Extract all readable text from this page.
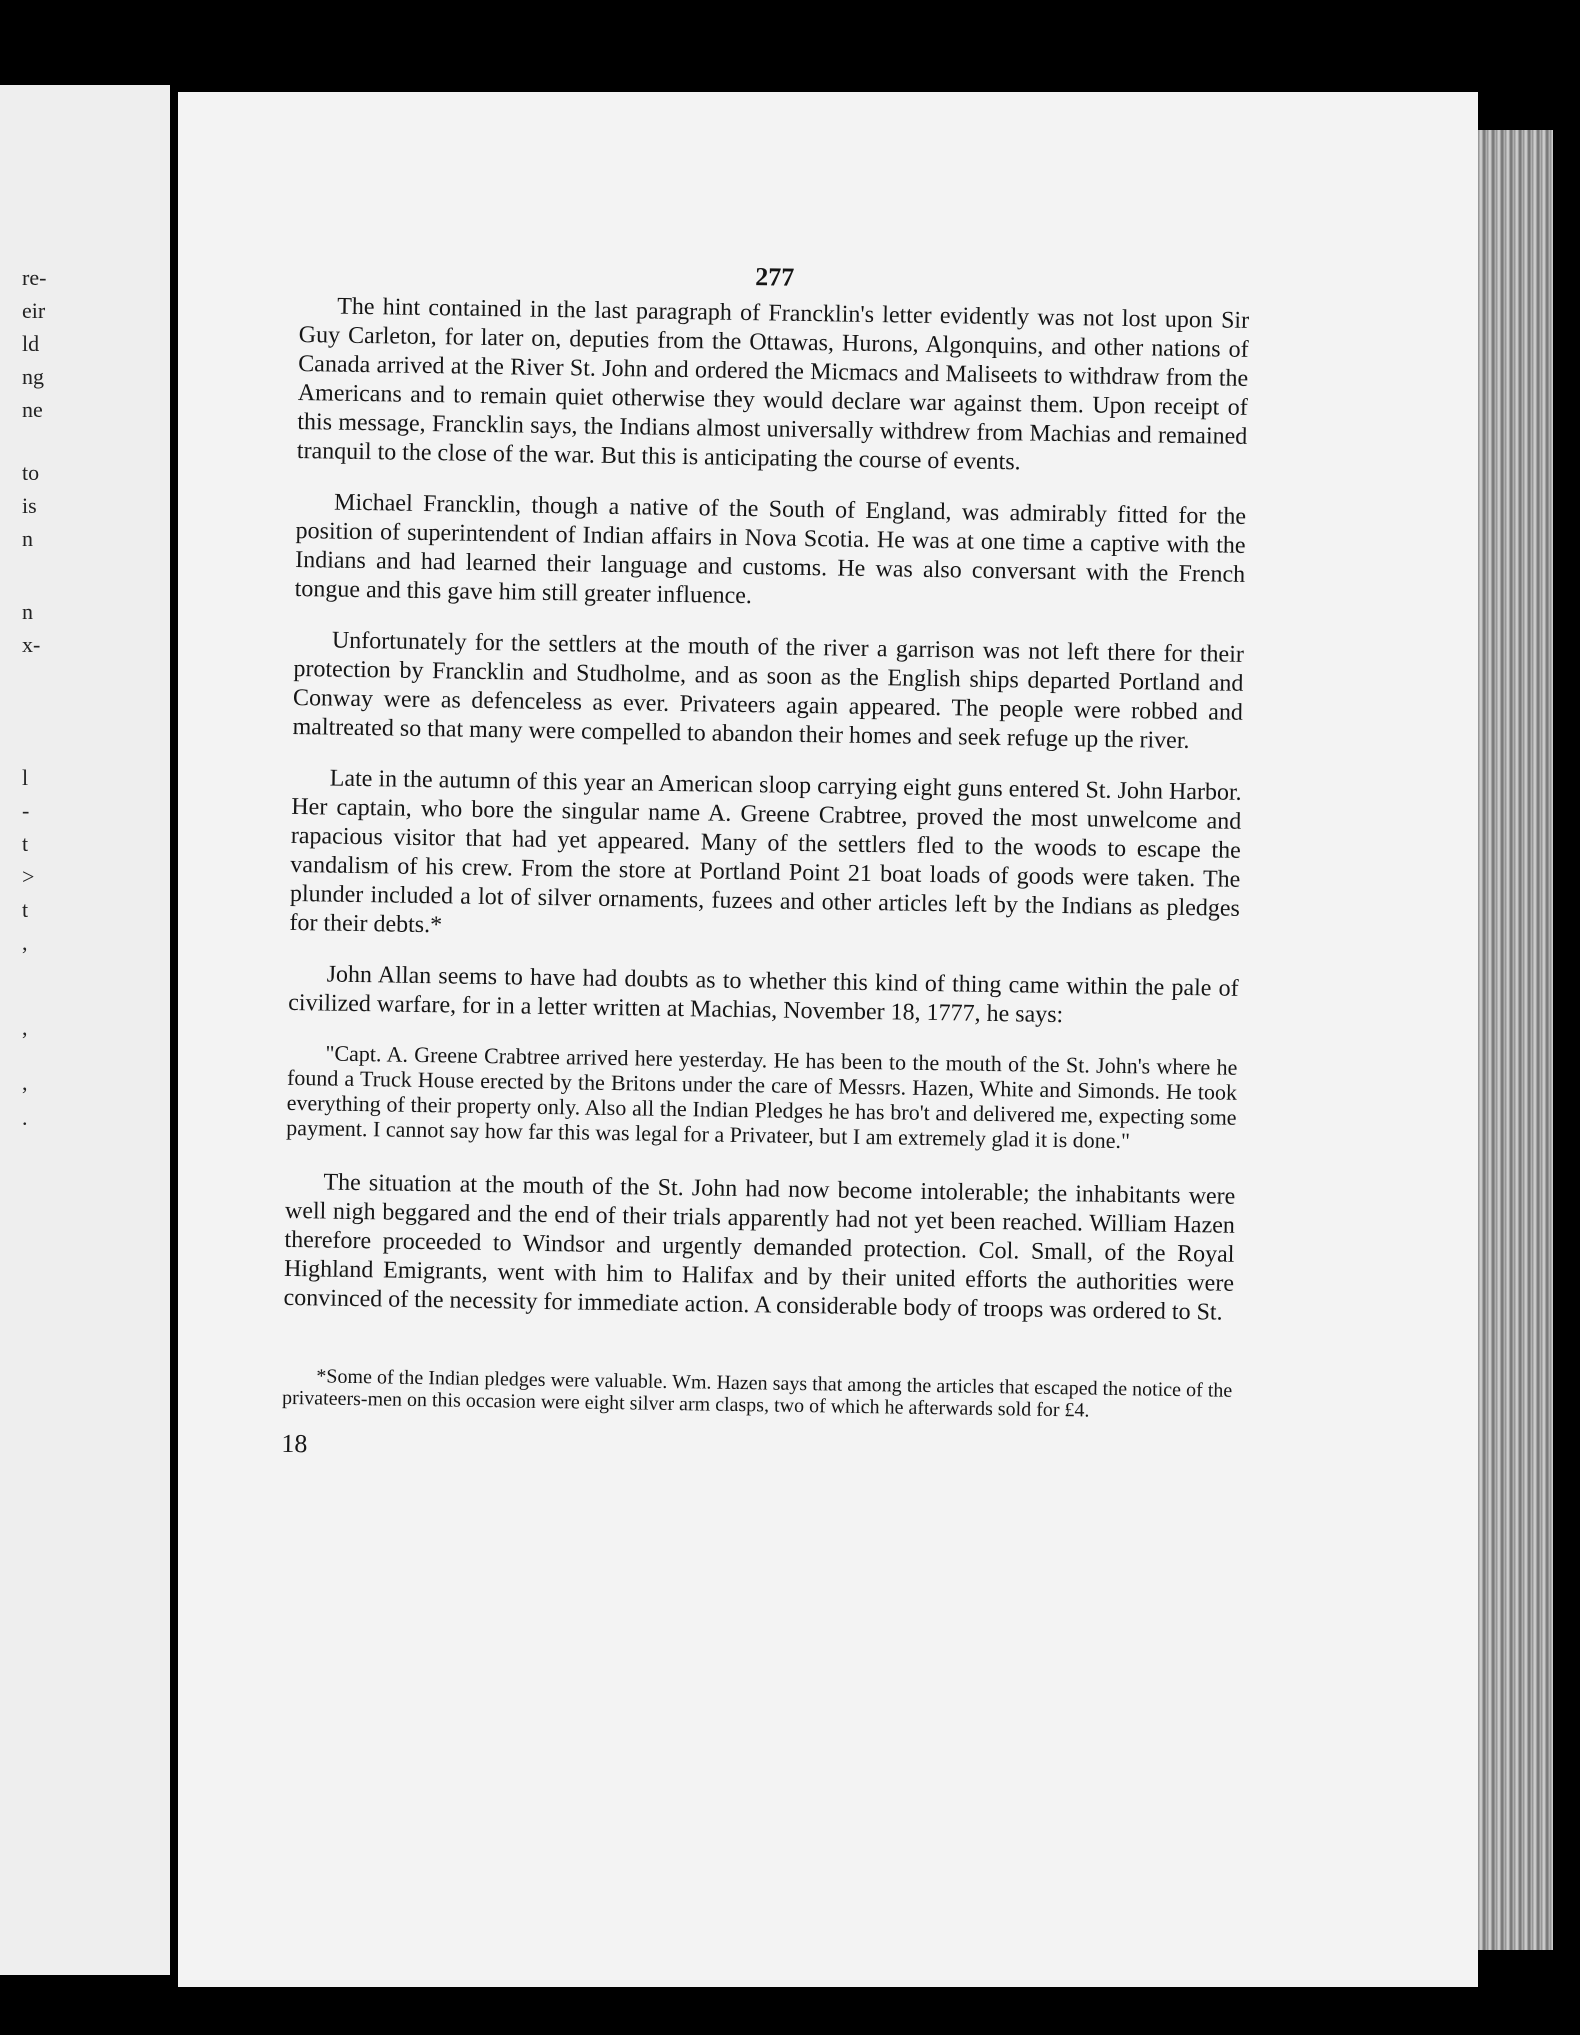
re-
eir
ld
ng
ne
to
is
n
n
x-
l
-
t
>
t
,
,
,
.
277

The hint contained in the last paragraph of Francklin's letter evidently was not lost upon Sir Guy Carleton, for later on, deputies from the Ottawas, Hurons, Algonquins, and other nations of Canada arrived at the River St. John and ordered the Micmacs and Maliseets to withdraw from the Americans and to remain quiet otherwise they would declare war against them. Upon receipt of this message, Francklin says, the Indians almost universally withdrew from Machias and remained tranquil to the close of the war. But this is anticipating the course of events.

Michael Francklin, though a native of the South of England, was admirably fitted for the position of superintendent of Indian affairs in Nova Scotia. He was at one time a captive with the Indians and had learned their language and customs. He was also conversant with the French tongue and this gave him still greater influence.

Unfortunately for the settlers at the mouth of the river a garrison was not left there for their protection by Francklin and Studholme, and as soon as the English ships departed Portland and Conway were as defenceless as ever. Privateers again appeared. The people were robbed and maltreated so that many were compelled to abandon their homes and seek refuge up the river.

Late in the autumn of this year an American sloop carrying eight guns entered St. John Harbor. Her captain, who bore the singular name A. Greene Crabtree, proved the most unwelcome and rapacious visitor that had yet appeared. Many of the settlers fled to the woods to escape the vandalism of his crew. From the store at Portland Point 21 boat loads of goods were taken. The plunder included a lot of silver ornaments, fuzees and other articles left by the Indians as pledges for their debts.*

John Allan seems to have had doubts as to whether this kind of thing came within the pale of civilized warfare, for in a letter written at Machias, November 18, 1777, he says:

"Capt. A. Greene Crabtree arrived here yesterday. He has been to the mouth of the St. John's where he found a Truck House erected by the Britons under the care of Messrs. Hazen, White and Simonds. He took everything of their property only. Also all the Indian Pledges he has bro't and delivered me, expecting some payment. I cannot say how far this was legal for a Privateer, but I am extremely glad it is done."

The situation at the mouth of the St. John had now become intolerable; the inhabitants were well nigh beggared and the end of their trials apparently had not yet been reached. William Hazen therefore proceeded to Windsor and urgently demanded protection. Col. Small, of the Royal Highland Emigrants, went with him to Halifax and by their united efforts the authorities were convinced of the necessity for immediate action. A considerable body of troops was ordered to St.

*Some of the Indian pledges were valuable. Wm. Hazen says that among the articles that escaped the notice of the privateers-men on this occasion were eight silver arm clasps, two of which he afterwards sold for £4.

18
